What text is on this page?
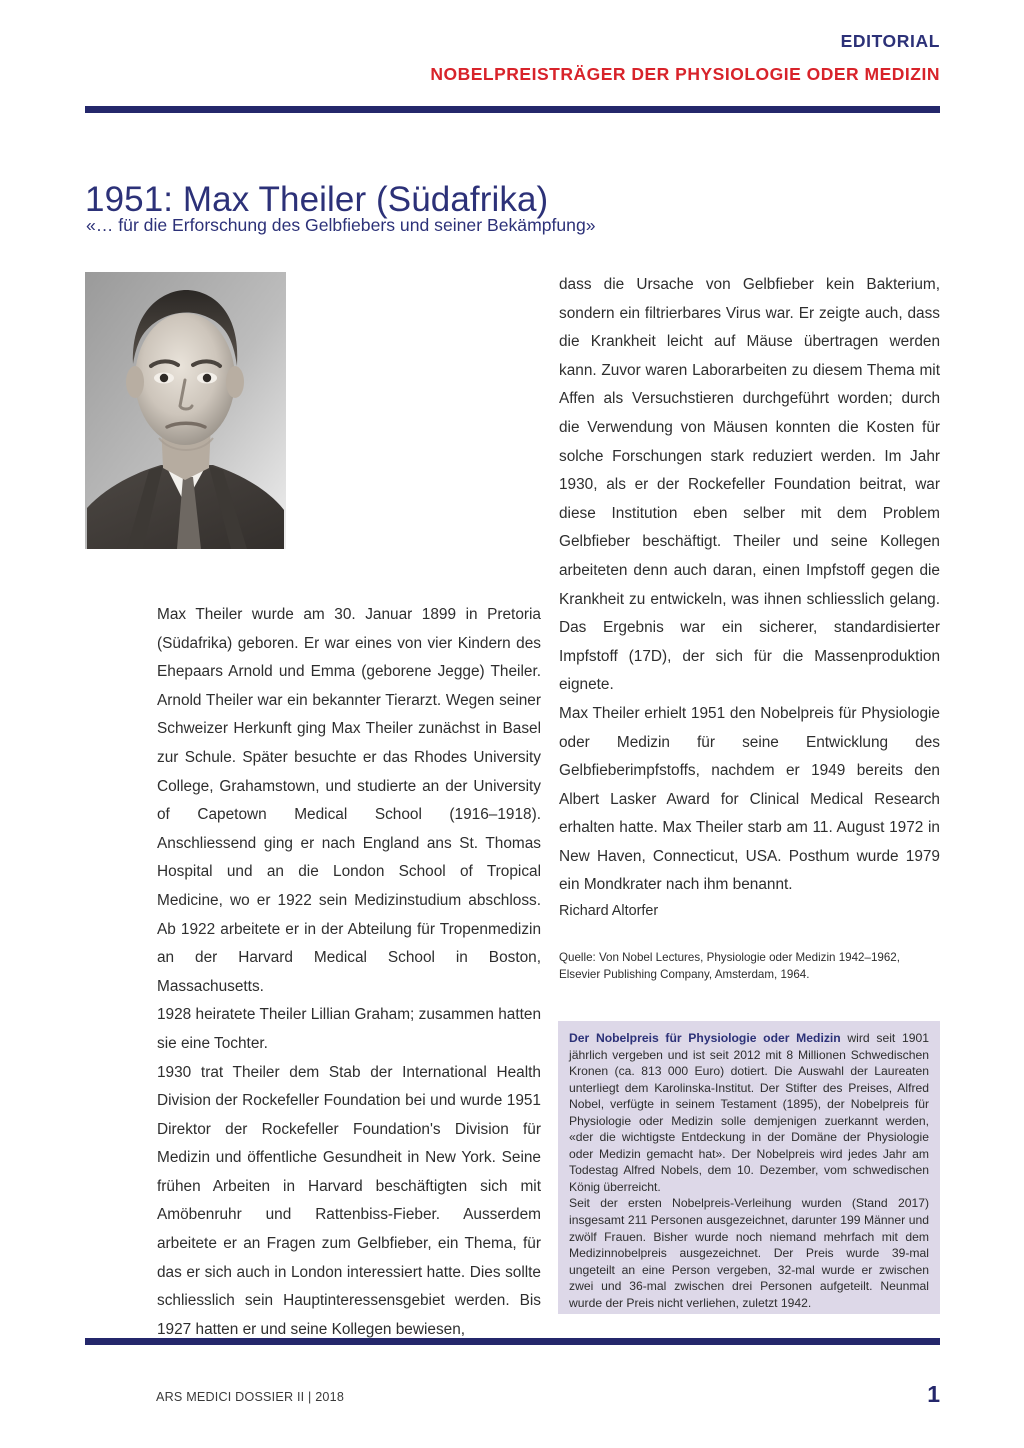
EDITORIAL
NOBELPREISTRÄGER DER PHYSIOLOGIE ODER MEDIZIN
1951: Max Theiler (Südafrika)
«… für die Erforschung des Gelbfiebers und seiner Bekämpfung»

dass die Ursache von Gelbfieber kein Bakterium, sondern ein filtrierbares Virus war. Er zeigte auch, dass die Krankheit leicht auf Mäuse übertragen werden kann. Zuvor waren Laborarbeiten zu diesem Thema mit Affen als Versuchstieren durchgeführt worden; durch die Verwendung von Mäusen konnten die Kosten für solche Forschungen stark reduziert werden. Im Jahr 1930, als er der Rockefeller Foundation beitrat, war diese Institution eben selber mit dem Problem Gelbfieber beschäftigt. Theiler und seine Kollegen arbeiteten denn auch daran, einen Impfstoff gegen die Krankheit zu entwickeln, was ihnen schliesslich gelang. Das Ergebnis war ein sicherer, standardisierter Impfstoff (17D), der sich für die Massenproduktion eignete.

Max Theiler erhielt 1951 den Nobelpreis für Physiologie oder Medizin für seine Entwicklung des Gelbfieberimpfstoffs, nachdem er 1949 bereits den Albert Lasker Award for Clinical Medical Research erhalten hatte. Max Theiler starb am 11. August 1972 in New Haven, Connecticut, USA. Posthum wurde 1979 ein Mondkrater nach ihm benannt.

Richard Altorfer
Quelle: Von Nobel Lectures, Physiologie oder Medizin 1942–1962, Elsevier Publishing Company, Amsterdam, 1964.

Der Nobelpreis für Physiologie oder Medizin wird seit 1901 jährlich vergeben und ist seit 2012 mit 8 Millionen Schwedischen Kronen (ca. 813 000 Euro) dotiert. Die Auswahl der Laureaten unterliegt dem Karolinska-Institut. Der Stifter des Preises, Alfred Nobel, verfügte in seinem Testament (1895), der Nobelpreis für Physiologie oder Medizin solle demjenigen zuerkannt werden, «der die wichtigste Entdeckung in der Domäne der Physiologie oder Medizin gemacht hat». Der Nobelpreis wird jedes Jahr am Todestag Alfred Nobels, dem 10. Dezember, vom schwedischen König überreicht.
Seit der ersten Nobelpreis-Verleihung wurden (Stand 2017) insgesamt 211 Personen ausgezeichnet, darunter 199 Männer und zwölf Frauen. Bisher wurde noch niemand mehrfach mit dem Medizinnobelpreis ausgezeichnet. Der Preis wurde 39-mal ungeteilt an eine Person vergeben, 32-mal wurde er zwischen zwei und 36-mal zwischen drei Personen aufgeteilt. Neunmal wurde der Preis nicht verliehen, zuletzt 1942.

Max Theiler wurde am 30. Januar 1899 in Pretoria (Südafrika) geboren. Er war eines von vier Kindern des Ehepaars Arnold und Emma (geborene Jegge) Theiler. Arnold Theiler war ein bekannter Tierarzt. Wegen seiner Schweizer Herkunft ging Max Theiler zunächst in Basel zur Schule. Später besuchte er das Rhodes University College, Grahamstown, und studierte an der University of Capetown Medical School (1916–1918). Anschliessend ging er nach England ans St. Thomas Hospital und an die London School of Tropical Medicine, wo er 1922 sein Medizinstudium abschloss. Ab 1922 arbeitete er in der Abteilung für Tropenmedizin an der Harvard Medical School in Boston, Massachusetts.

1928 heiratete Theiler Lillian Graham; zusammen hatten sie eine Tochter.

1930 trat Theiler dem Stab der International Health Division der Rockefeller Foundation bei und wurde 1951 Direktor der Rockefeller Foundation's Division für Medizin und öffentliche Gesundheit in New York. Seine frühen Arbeiten in Harvard beschäftigten sich mit Amöbenruhr und Rattenbiss-Fieber. Ausserdem arbeitete er an Fragen zum Gelbfieber, ein Thema, für das er sich auch in London interessiert hatte. Dies sollte schliesslich sein Hauptinteressensgebiet werden. Bis 1927 hatten er und seine Kollegen bewiesen,

ARS MEDICI DOSSIER II | 2018	1
